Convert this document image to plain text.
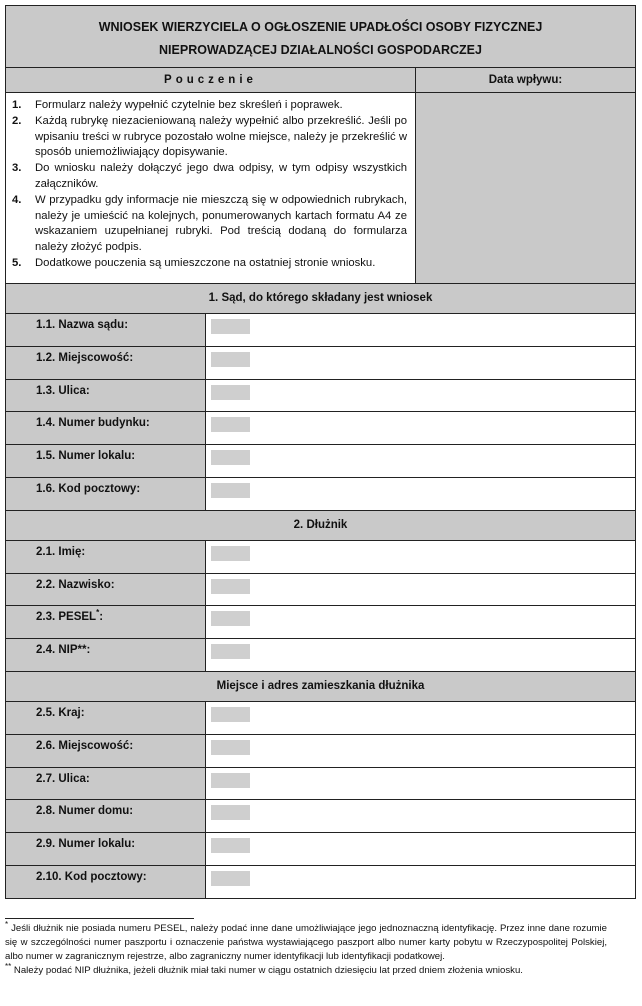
WNIOSEK WIERZYCIELA O OGŁOSZENIE UPADŁOŚCI OSOBY FIZYCZNEJ
NIEPROWADZĄCEJ DZIAŁALNOŚCI GOSPODARCZEJ
Pouczenie
1.	Formularz należy wypełnić czytelnie bez skreśleń i poprawek.
2.	Każdą rubrykę niezacieniowaną należy wypełnić albo przekreślić. Jeśli po wpisaniu treści w rubryce pozostało wolne miejsce, należy je przekreślić w sposób uniemożliwiający dopisywanie.
3.	Do wniosku należy dołączyć jego dwa odpisy, w tym odpisy wszystkich załączników.
4.	W przypadku gdy informacje nie mieszczą się w odpowiednich rubrykach, należy je umieścić na kolejnych, ponumerowanych kartach formatu A4 ze wskazaniem uzupełnianej rubryki. Pod treścią dodaną do formularza należy złożyć podpis.
5.	Dodatkowe pouczenia są umieszczone na ostatniej stronie wniosku.
Data wpływu:
1. Sąd, do którego składany jest wniosek
1.1. Nazwa sądu:
1.2. Miejscowość:
1.3. Ulica:
1.4. Numer budynku:
1.5. Numer lokalu:
1.6. Kod pocztowy:
2. Dłużnik
2.1. Imię:
2.2. Nazwisko:
2.3. PESEL*:
2.4. NIP**:
Miejsce i adres zamieszkania dłużnika
2.5. Kraj:
2.6. Miejscowość:
2.7. Ulica:
2.8. Numer domu:
2.9. Numer lokalu:
2.10. Kod pocztowy:

* Jeśli dłużnik nie posiada numeru PESEL, należy podać inne dane umożliwiające jego jednoznaczną identyfikację. Przez inne dane rozumie się w szczególności numer paszportu i oznaczenie państwa wystawiającego paszport albo numer karty pobytu w Rzeczypospolitej Polskiej, albo numer w zagranicznym rejestrze, albo zagraniczny numer identyfikacji lub identyfikacji podatkowej.

** Należy podać NIP dłużnika, jeżeli dłużnik miał taki numer w ciągu ostatnich dziesięciu lat przed dniem złożenia wniosku.
